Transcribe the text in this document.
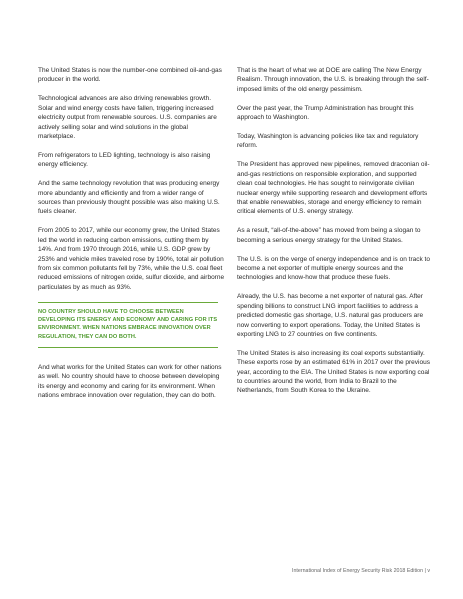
The United States is now the number-one combined oil-and-gas producer in the world.

Technological advances are also driving renewables growth. Solar and wind energy costs have fallen, triggering increased electricity output from renewable sources. U.S. companies are actively selling solar and wind solutions in the global marketplace.

From refrigerators to LED lighting, technology is also raising energy efficiency.

And the same technology revolution that was producing energy more abundantly and efficiently and from a wider range of sources than previously thought possible was also making U.S. fuels cleaner.

From 2005 to 2017, while our economy grew, the United States led the world in reducing carbon emissions, cutting them by 14%. And from 1970 through 2016, while U.S. GDP grew by 253% and vehicle miles traveled rose by 190%, total air pollution from six common pollutants fell by 73%, while the U.S. coal fleet reduced emissions of nitrogen oxide, sulfur dioxide, and airborne particulates by as much as 93%.

NO COUNTRY SHOULD HAVE TO CHOOSE BETWEEN DEVELOPING ITS ENERGY AND ECONOMY AND CARING FOR ITS ENVIRONMENT. WHEN NATIONS EMBRACE INNOVATION OVER REGULATION, THEY CAN DO BOTH.

And what works for the United States can work for other nations as well. No country should have to choose between developing its energy and economy and caring for its environment. When nations embrace innovation over regulation, they can do both.

That is the heart of what we at DOE are calling The New Energy Realism. Through innovation, the U.S. is breaking through the self-imposed limits of the old energy pessimism.

Over the past year, the Trump Administration has brought this approach to Washington.

Today, Washington is advancing policies like tax and regulatory reform.

The President has approved new pipelines, removed draconian oil-and-gas restrictions on responsible exploration, and supported clean coal technologies. He has sought to reinvigorate civilian nuclear energy while supporting research and development efforts that enable renewables, storage and energy efficiency to remain critical elements of U.S. energy strategy.

As a result, “all-of-the-above” has moved from being a slogan to becoming a serious energy strategy for the United States.

The U.S. is on the verge of energy independence and is on track to become a net exporter of multiple energy sources and the technologies and know-how that produce these fuels.

Already, the U.S. has become a net exporter of natural gas. After spending billions to construct LNG import facilities to address a predicted domestic gas shortage, U.S. natural gas producers are now converting to export operations. Today, the United States is exporting LNG to 27 countries on five continents.

The United States is also increasing its coal exports substantially. These exports rose by an estimated 61% in 2017 over the previous year, according to the EIA. The United States is now exporting coal to countries around the world, from India to Brazil to the Netherlands, from South Korea to the Ukraine.

International Index of Energy Security Risk 2018 Edition | v
